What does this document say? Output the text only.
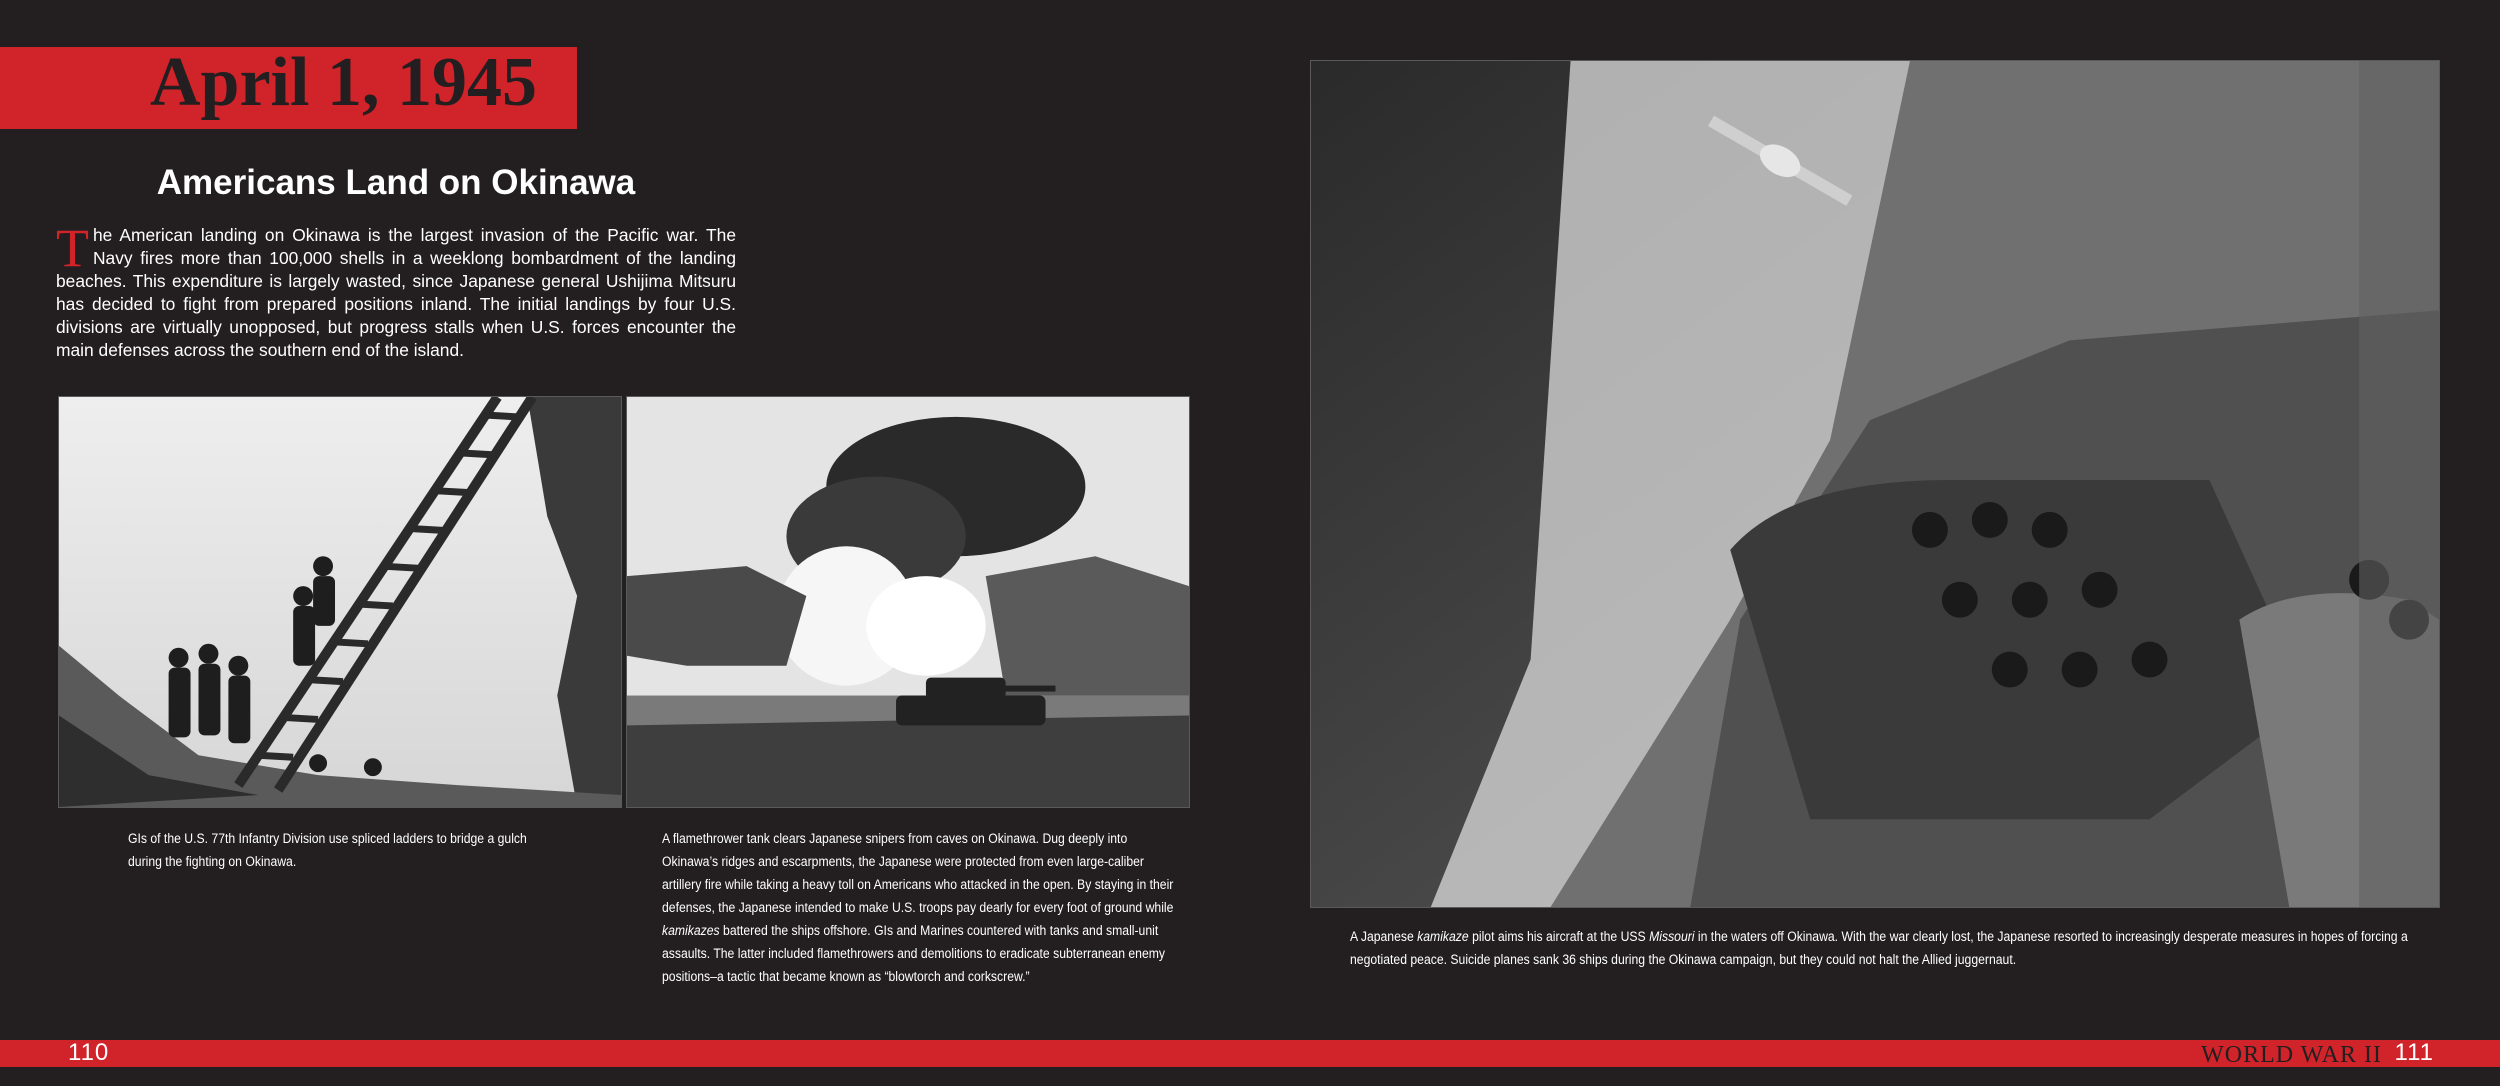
April 1, 1945
Americans Land on Okinawa
The American landing on Okinawa is the largest invasion of the Pacific war. The Navy fires more than 100,000 shells in a weeklong bombardment of the landing beaches. This expenditure is largely wasted, since Japanese general Ushijima Mitsuru has decided to fight from prepared positions inland. The initial landings by four U.S. divisions are virtually unopposed, but progress stalls when U.S. forces encounter the main defenses across the southern end of the island.
GIs of the U.S. 77th Infantry Division use spliced ladders to bridge a gulch during the fighting on Okinawa.
A flamethrower tank clears Japanese snipers from caves on Okinawa. Dug deeply into Okinawa’s ridges and escarpments, the Japanese were protected from even large-caliber artillery fire while taking a heavy toll on Americans who attacked in the open. By staying in their defenses, the Japanese intended to make U.S. troops pay dearly for every foot of ground while kamikazes battered the ships offshore. GIs and Marines countered with tanks and small-unit assaults. The latter included flamethrowers and demolitions to eradicate subterranean enemy positions–a tactic that became known as “blowtorch and corkscrew.”
A Japanese kamikaze pilot aims his aircraft at the USS Missouri in the waters off Okinawa. With the war clearly lost, the Japanese resorted to increasingly desperate measures in hopes of forcing a negotiated peace. Suicide planes sank 36 ships during the Okinawa campaign, but they could not halt the Allied juggernaut.
110	WORLD WAR II 111
